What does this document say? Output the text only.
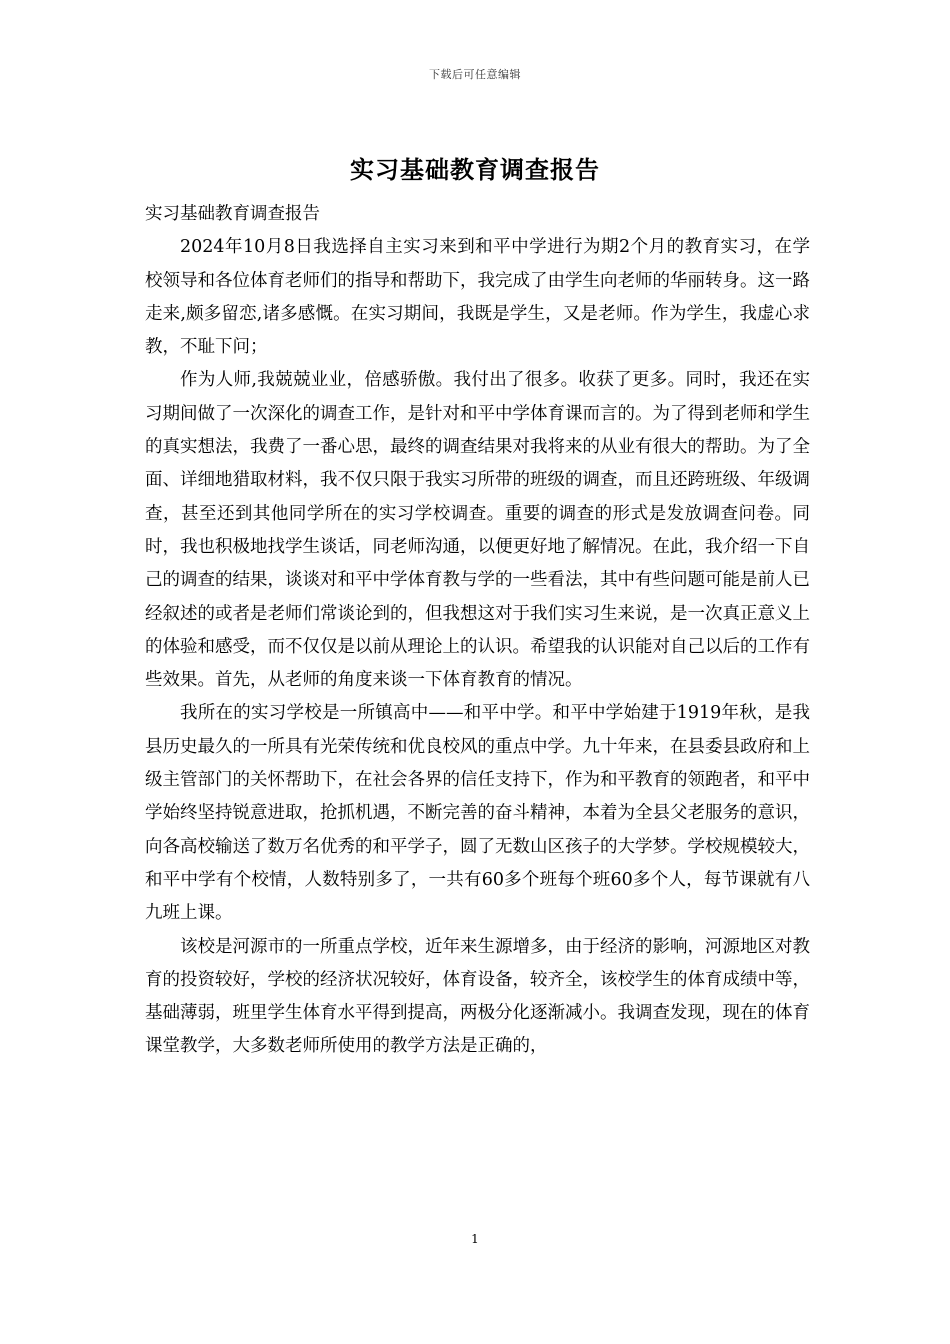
下载后可任意编辑
实习基础教育调查报告

实习基础教育调查报告

2024年10月8日我选择自主实习来到和平中学进行为期2个月的教育实习，在学校领导和各位体育老师们的指导和帮助下，我完成了由学生向老师的华丽转身。这一路走来,颇多留恋,诸多感慨。在实习期间，我既是学生，又是老师。作为学生，我虚心求教，不耻下问；

作为人师,我兢兢业业，倍感骄傲。我付出了很多。收获了更多。同时，我还在实习期间做了一次深化的调查工作，是针对和平中学体育课而言的。为了得到老师和学生的真实想法，我费了一番心思，最终的调查结果对我将来的从业有很大的帮助。为了全面、详细地猎取材料，我不仅只限于我实习所带的班级的调查，而且还跨班级、年级调查，甚至还到其他同学所在的实习学校调查。重要的调查的形式是发放调查问卷。同时，我也积极地找学生谈话，同老师沟通，以便更好地了解情况。在此，我介绍一下自己的调查的结果，谈谈对和平中学体育教与学的一些看法，其中有些问题可能是前人已经叙述的或者是老师们常谈论到的，但我想这对于我们实习生来说，是一次真正意义上的体验和感受，而不仅仅是以前从理论上的认识。希望我的认识能对自己以后的工作有些效果。首先，从老师的角度来谈一下体育教育的情况。

我所在的实习学校是一所镇高中——和平中学。和平中学始建于1919年秋，是我县历史最久的一所具有光荣传统和优良校风的重点中学。九十年来，在县委县政府和上级主管部门的关怀帮助下，在社会各界的信任支持下，作为和平教育的领跑者，和平中学始终坚持锐意进取，抢抓机遇，不断完善的奋斗精神，本着为全县父老服务的意识，向各高校输送了数万名优秀的和平学子，圆了无数山区孩子的大学梦。学校规模较大，和平中学有个校情，人数特别多了，一共有60多个班每个班60多个人，每节课就有八九班上课。

该校是河源市的一所重点学校，近年来生源增多，由于经济的影响，河源地区对教育的投资较好，学校的经济状况较好，体育设备，较齐全，该校学生的体育成绩中等，基础薄弱，班里学生体育水平得到提高，两极分化逐渐减小。我调查发现，现在的体育课堂教学，大多数老师所使用的教学方法是正确的，

1
